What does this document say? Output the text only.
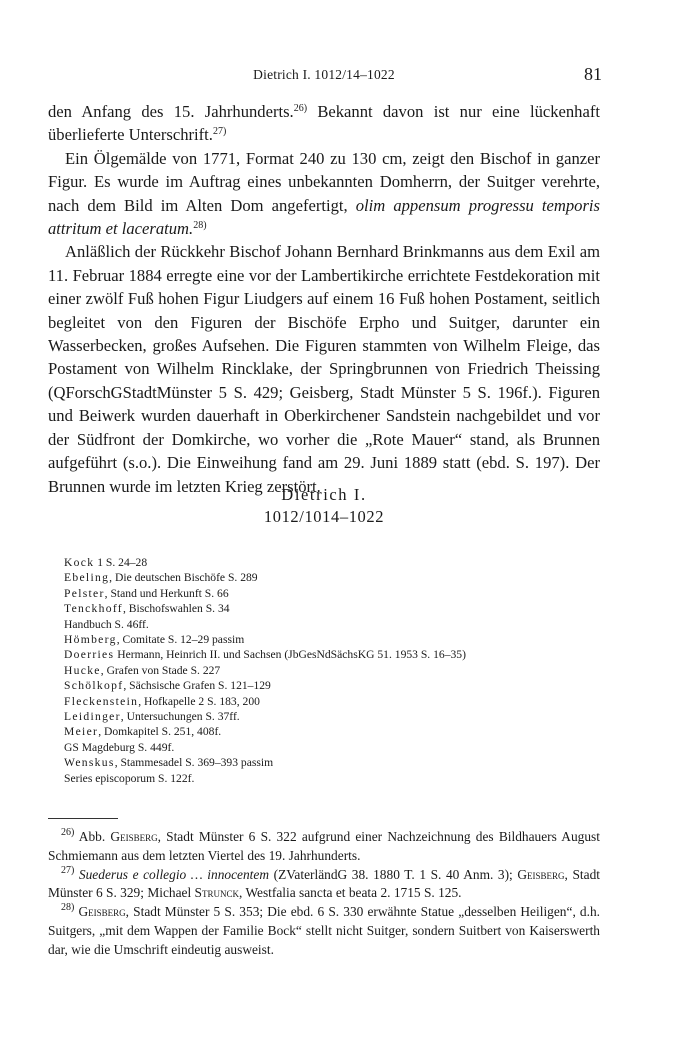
Dietrich I. 1012/14–1022	81

den Anfang des 15. Jahrhunderts.$^{26)}$ Bekannt davon ist nur eine lückenhaft überlieferte Unterschrift.$^{27)}$

Ein Ölgemälde von 1771, Format 240 zu 130 cm, zeigt den Bischof in ganzer Figur. Es wurde im Auftrag eines unbekannten Domherrn, der Suitger verehrte, nach dem Bild im Alten Dom angefertigt, olim appensum progressu temporis attritum et laceratum.$^{28)}$

Anläßlich der Rückkehr Bischof Johann Bernhard Brinkmanns aus dem Exil am 11. Februar 1884 erregte eine vor der Lambertikirche errichtete Festdekoration mit einer zwölf Fuß hohen Figur Liudgers auf einem 16 Fuß hohen Postament, seitlich begleitet von den Figuren der Bischöfe Erpho und Suitger, darunter ein Wasserbecken, großes Aufsehen. Die Figuren stammten von Wilhelm Fleige, das Postament von Wilhelm Rincklake, der Springbrunnen von Friedrich Theissing (QForschGStadtMünster 5 S. 429; Geisberg, Stadt Münster 5 S. 196f.). Figuren und Beiwerk wurden dauerhaft in Oberkirchener Sandstein nachgebildet und vor der Südfront der Domkirche, wo vorher die „Rote Mauer“ stand, als Brunnen aufgeführt (s.o.). Die Einweihung fand am 29. Juni 1889 statt (ebd. S. 197). Der Brunnen wurde im letzten Krieg zerstört.

Dietrich I.
1012/1014–1022
Kock 1 S. 24–28
Ebeling, Die deutschen Bischöfe S. 289
Pelster, Stand und Herkunft S. 66
Tenckhoff, Bischofswahlen S. 34
Handbuch S. 46ff.
Hömberg, Comitate S. 12–29 passim
Doerries Hermann, Heinrich II. und Sachsen (JbGesNdSächsKG 51. 1953 S. 16–35)
Hucke, Grafen von Stade S. 227
Schölkopf, Sächsische Grafen S. 121–129
Fleckenstein, Hofkapelle 2 S. 183, 200
Leidinger, Untersuchungen S. 37ff.
Meier, Domkapitel S. 251, 408f.
GS Magdeburg S. 449f.
Wenskus, Stammesadel S. 369–393 passim
Series episcoporum S. 122f.

$^{26)}$ Abb. Geisberg, Stadt Münster 6 S. 322 aufgrund einer Nachzeichnung des Bildhauers August Schmiemann aus dem letzten Viertel des 19. Jahrhunderts.

$^{27)}$ Suederus e collegio … innocentem (ZVaterländG 38. 1880 T. 1 S. 40 Anm. 3); Geisberg, Stadt Münster 6 S. 329; Michael Strunck, Westfalia sancta et beata 2. 1715 S. 125.

$^{28)}$ Geisberg, Stadt Münster 5 S. 353; Die ebd. 6 S. 330 erwähnte Statue „desselben Heiligen“, d.h. Suitgers, „mit dem Wappen der Familie Bock“ stellt nicht Suitger, sondern Suitbert von Kaiserswerth dar, wie die Umschrift eindeutig ausweist.
